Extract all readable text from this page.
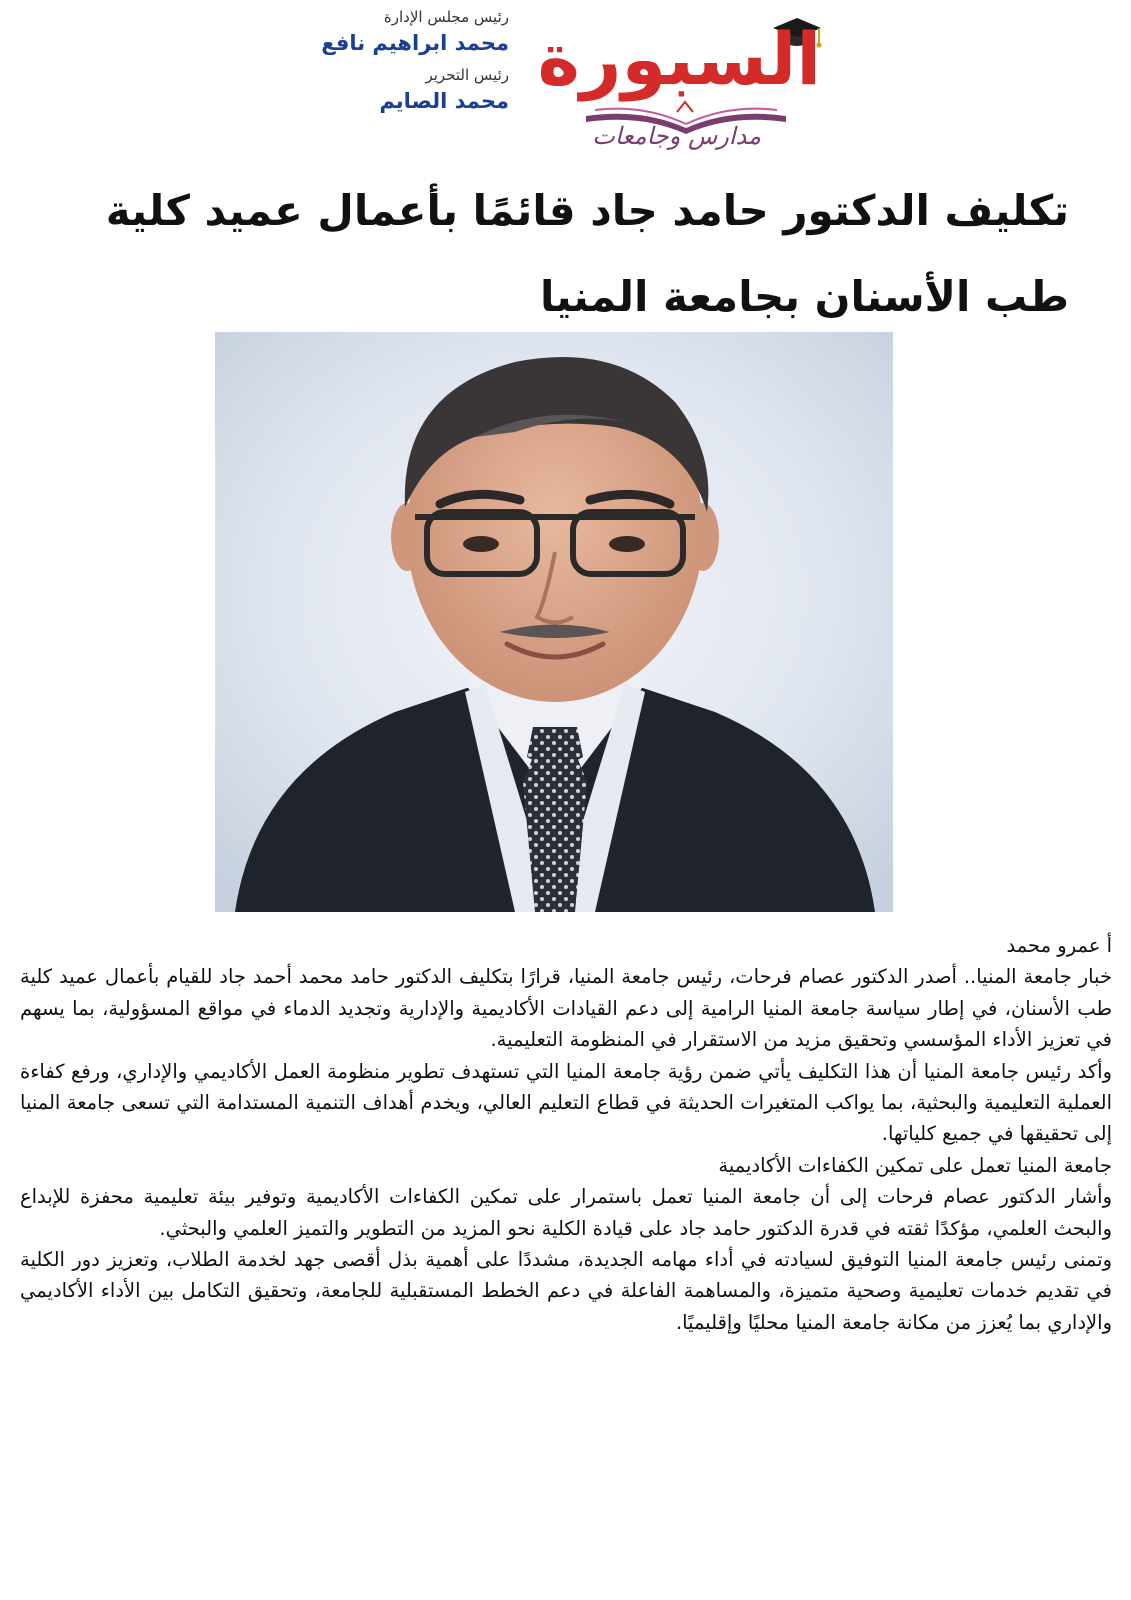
السبورة
مدارس وجامعات

رئيس مجلس الإدارة

محمد ابراهيم نافع

رئيس التحرير

محمد الصايم

تكليف الدكتور حامد جاد قائمًا بأعمال عميد كلية طب الأسنان بجامعة المنيا

أ عمرو محمد

خبار جامعة المنيا.. أصدر الدكتور عصام فرحات، رئيس جامعة المنيا، قرارًا بتكليف الدكتور حامد محمد أحمد جاد للقيام بأعمال عميد كلية طب الأسنان، في إطار سياسة جامعة المنيا الرامية إلى دعم القيادات الأكاديمية والإدارية وتجديد الدماء في مواقع المسؤولية، بما يسهم في تعزيز الأداء المؤسسي وتحقيق مزيد من الاستقرار في المنظومة التعليمية.

وأكد رئيس جامعة المنيا أن هذا التكليف يأتي ضمن رؤية جامعة المنيا التي تستهدف تطوير منظومة العمل الأكاديمي والإداري، ورفع كفاءة العملية التعليمية والبحثية، بما يواكب المتغيرات الحديثة في قطاع التعليم العالي، ويخدم أهداف التنمية المستدامة التي تسعى جامعة المنيا إلى تحقيقها في جميع كلياتها.

جامعة المنيا تعمل على تمكين الكفاءات الأكاديمية

وأشار الدكتور عصام فرحات إلى أن جامعة المنيا تعمل باستمرار على تمكين الكفاءات الأكاديمية وتوفير بيئة تعليمية محفزة للإبداع والبحث العلمي، مؤكدًا ثقته في قدرة الدكتور حامد جاد على قيادة الكلية نحو المزيد من التطوير والتميز العلمي والبحثي.

وتمنى رئيس جامعة المنيا التوفيق لسيادته في أداء مهامه الجديدة، مشددًا على أهمية بذل أقصى جهد لخدمة الطلاب، وتعزيز دور الكلية في تقديم خدمات تعليمية وصحية متميزة، والمساهمة الفاعلة في دعم الخطط المستقبلية للجامعة، وتحقيق التكامل بين الأداء الأكاديمي والإداري بما يُعزز من مكانة جامعة المنيا محليًا وإقليميًا.
